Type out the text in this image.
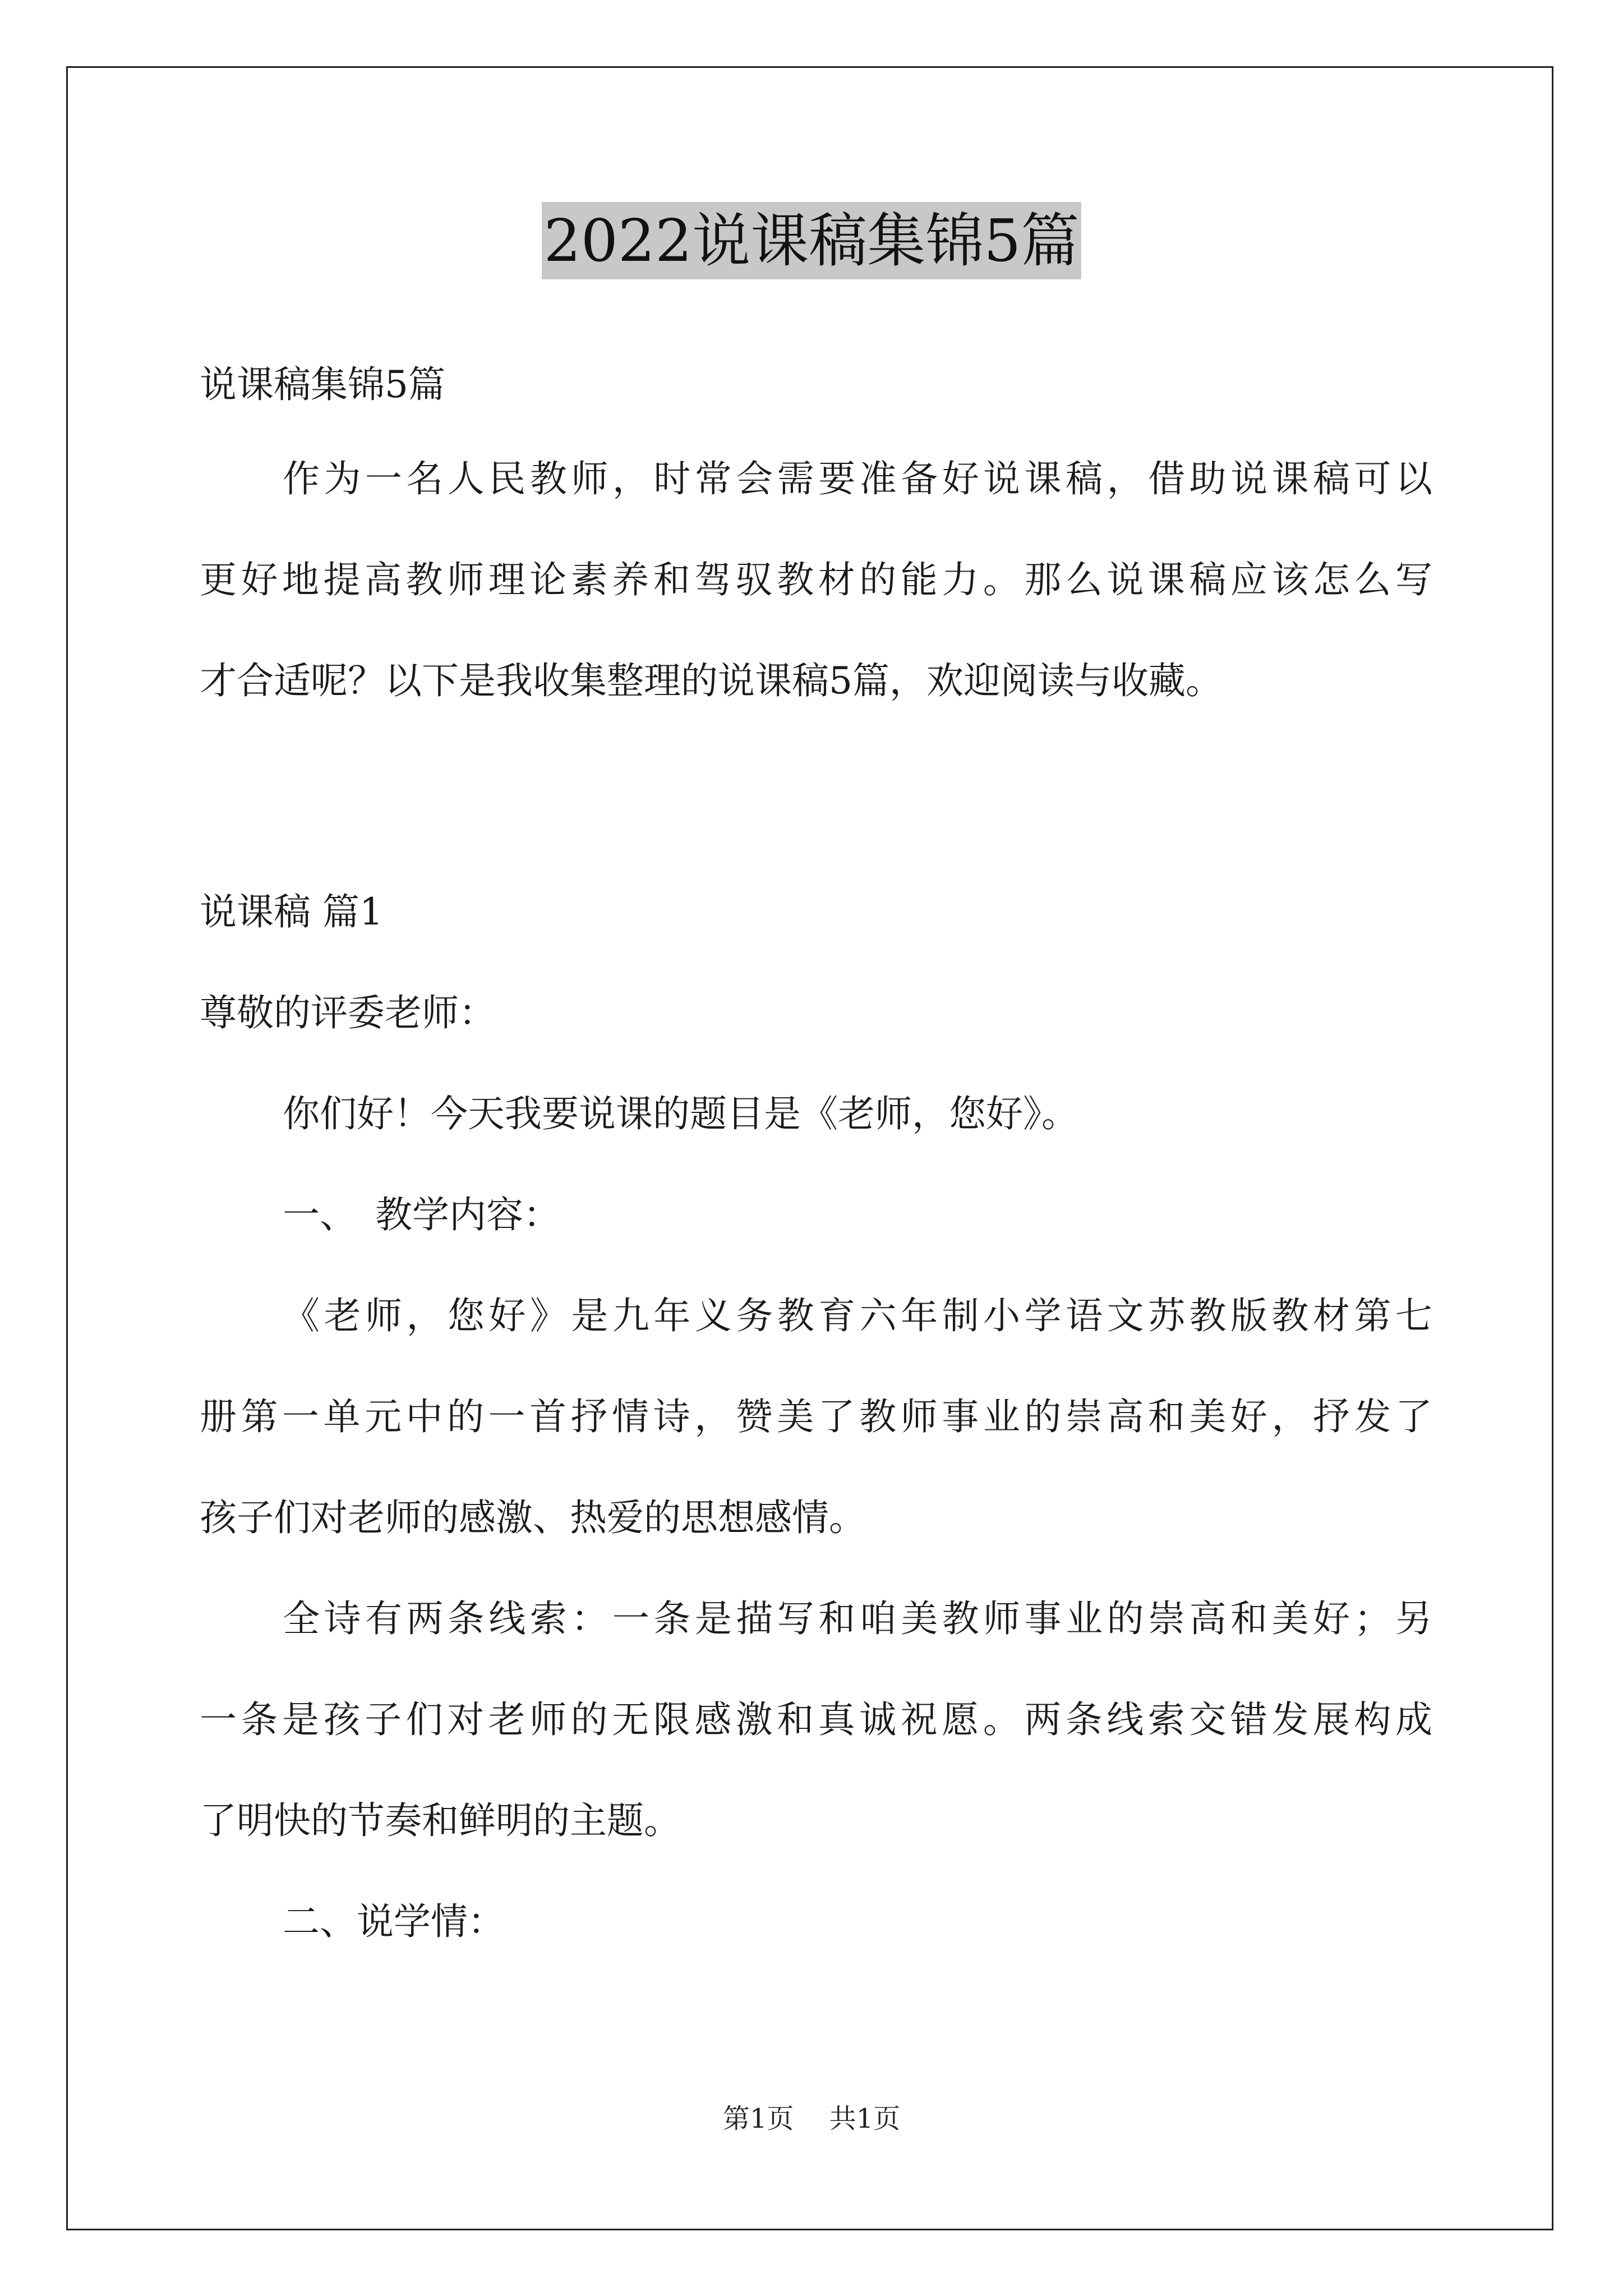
2022说课稿集锦5篇
说课稿集锦5篇
作为一名人民教师，时常会需要准备好说课稿，借助说课稿可以
更好地提高教师理论素养和驾驭教材的能力。那么说课稿应该怎么写
才合适呢？以下是我收集整理的说课稿5篇，欢迎阅读与收藏。
说课稿 篇1
尊敬的评委老师：
你们好！今天我要说课的题目是《老师，您好》。
一、　教学内容：
《老师，您好》是九年义务教育六年制小学语文苏教版教材第七
册第一单元中的一首抒情诗，赞美了教师事业的崇高和美好，抒发了
孩子们对老师的感激、热爱的思想感情。
全诗有两条线索：一条是描写和咱美教师事业的崇高和美好；另
一条是孩子们对老师的无限感激和真诚祝愿。两条线索交错发展构成
了明快的节奏和鲜明的主题。
二、说学情：
第1页 共1页
